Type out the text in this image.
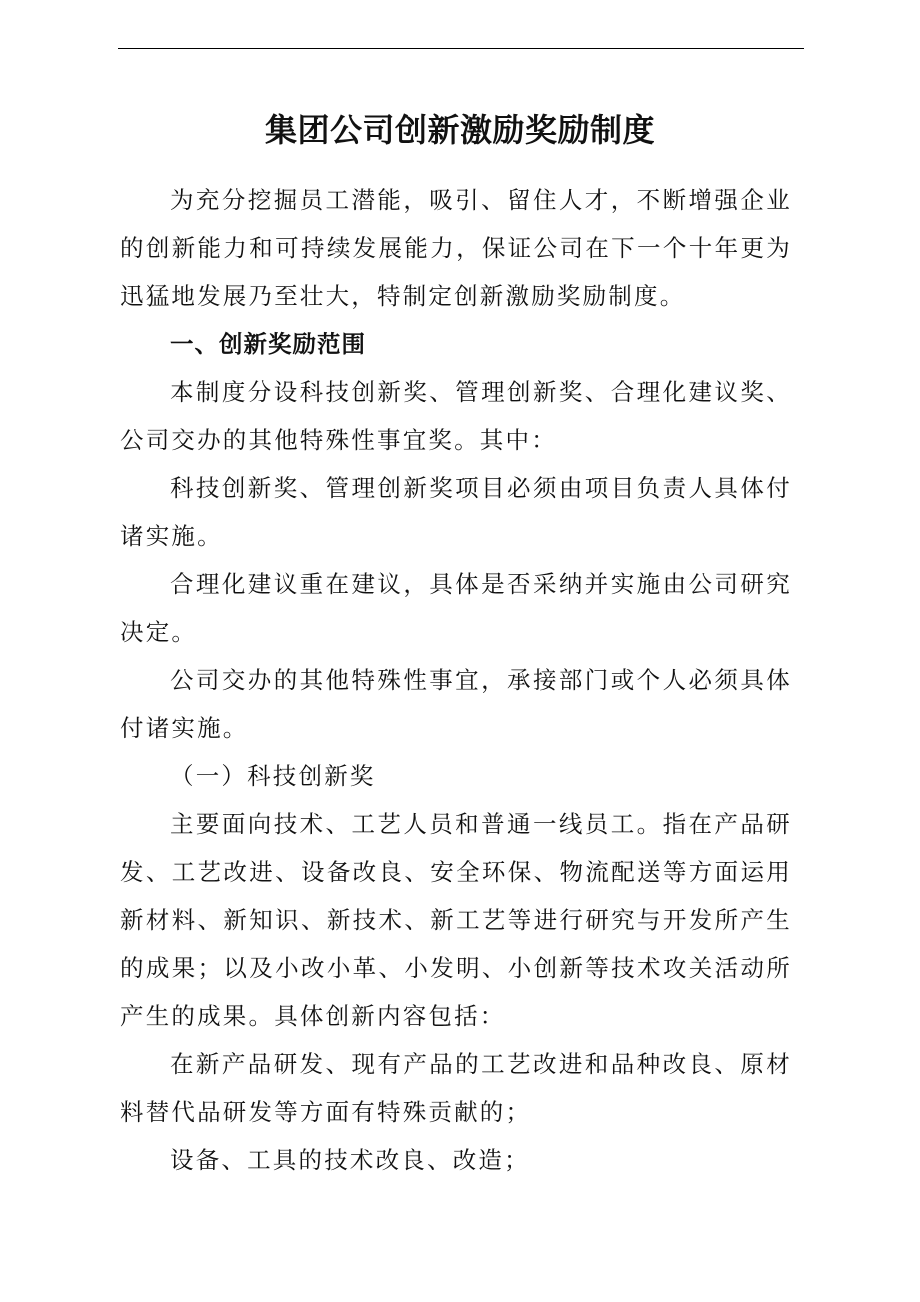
集团公司创新激励奖励制度

为充分挖掘员工潜能，吸引、留住人才，不断增强企业的创新能力和可持续发展能力，保证公司在下一个十年更为迅猛地发展乃至壮大，特制定创新激励奖励制度。

一、创新奖励范围

本制度分设科技创新奖、管理创新奖、合理化建议奖、公司交办的其他特殊性事宜奖。其中：

科技创新奖、管理创新奖项目必须由项目负责人具体付诸实施。

合理化建议重在建议，具体是否采纳并实施由公司研究决定。

公司交办的其他特殊性事宜，承接部门或个人必须具体付诸实施。

（一）科技创新奖

主要面向技术、工艺人员和普通一线员工。指在产品研发、工艺改进、设备改良、安全环保、物流配送等方面运用新材料、新知识、新技术、新工艺等进行研究与开发所产生的成果；以及小改小革、小发明、小创新等技术攻关活动所产生的成果。具体创新内容包括：

在新产品研发、现有产品的工艺改进和品种改良、原材料替代品研发等方面有特殊贡献的；

设备、工具的技术改良、改造；
